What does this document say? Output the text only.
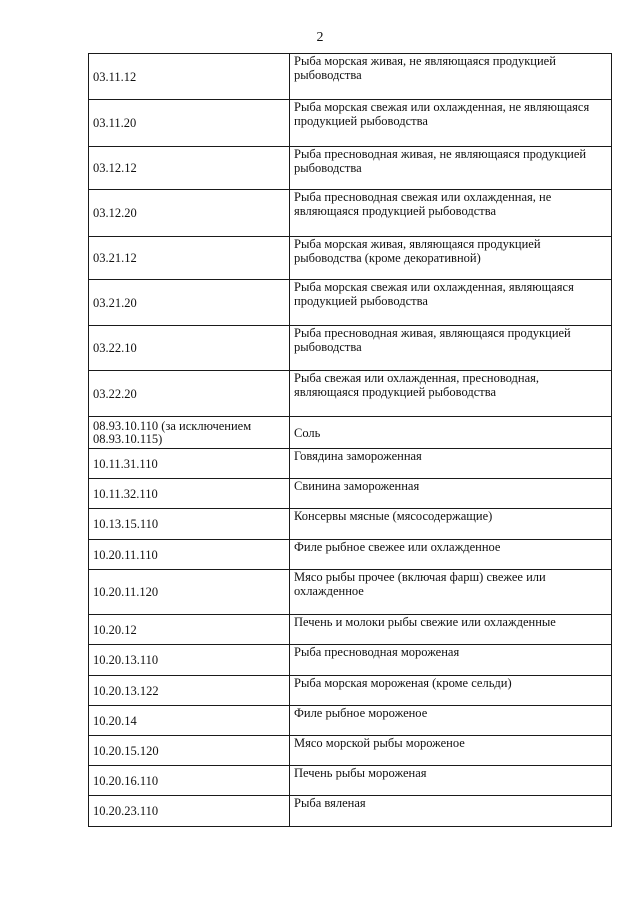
2
03.11.12	Рыба морская живая, не являющаяся продукцией рыбоводства
03.11.20	Рыба морская свежая или охлажденная, не являющаяся продукцией рыбоводства
03.12.12	Рыба пресноводная живая, не являющаяся продукцией рыбоводства
03.12.20	Рыба пресноводная свежая или охлажденная, не являющаяся продукцией рыбоводства
03.21.12	Рыба морская живая, являющаяся продукцией рыбоводства (кроме декоративной)
03.21.20	Рыба морская свежая или охлажденная, являющаяся продукцией рыбоводства
03.22.10	Рыба пресноводная живая, являющаяся продукцией рыбоводства
03.22.20	Рыба свежая или охлажденная, пресноводная, являющаяся продукцией рыбоводства
08.93.10.110 (за исключением 08.93.10.115)	Соль
10.11.31.110	Говядина замороженная
10.11.32.110	Свинина замороженная
10.13.15.110	Консервы мясные (мясосодержащие)
10.20.11.110	Филе рыбное свежее или охлажденное
10.20.11.120	Мясо рыбы прочее (включая фарш) свежее или охлажденное
10.20.12	Печень и молоки рыбы свежие или охлажденные
10.20.13.110	Рыба пресноводная мороженая
10.20.13.122	Рыба морская мороженая (кроме сельди)
10.20.14	Филе рыбное мороженое
10.20.15.120	Мясо морской рыбы мороженое
10.20.16.110	Печень рыбы мороженая
10.20.23.110	Рыба вяленая
